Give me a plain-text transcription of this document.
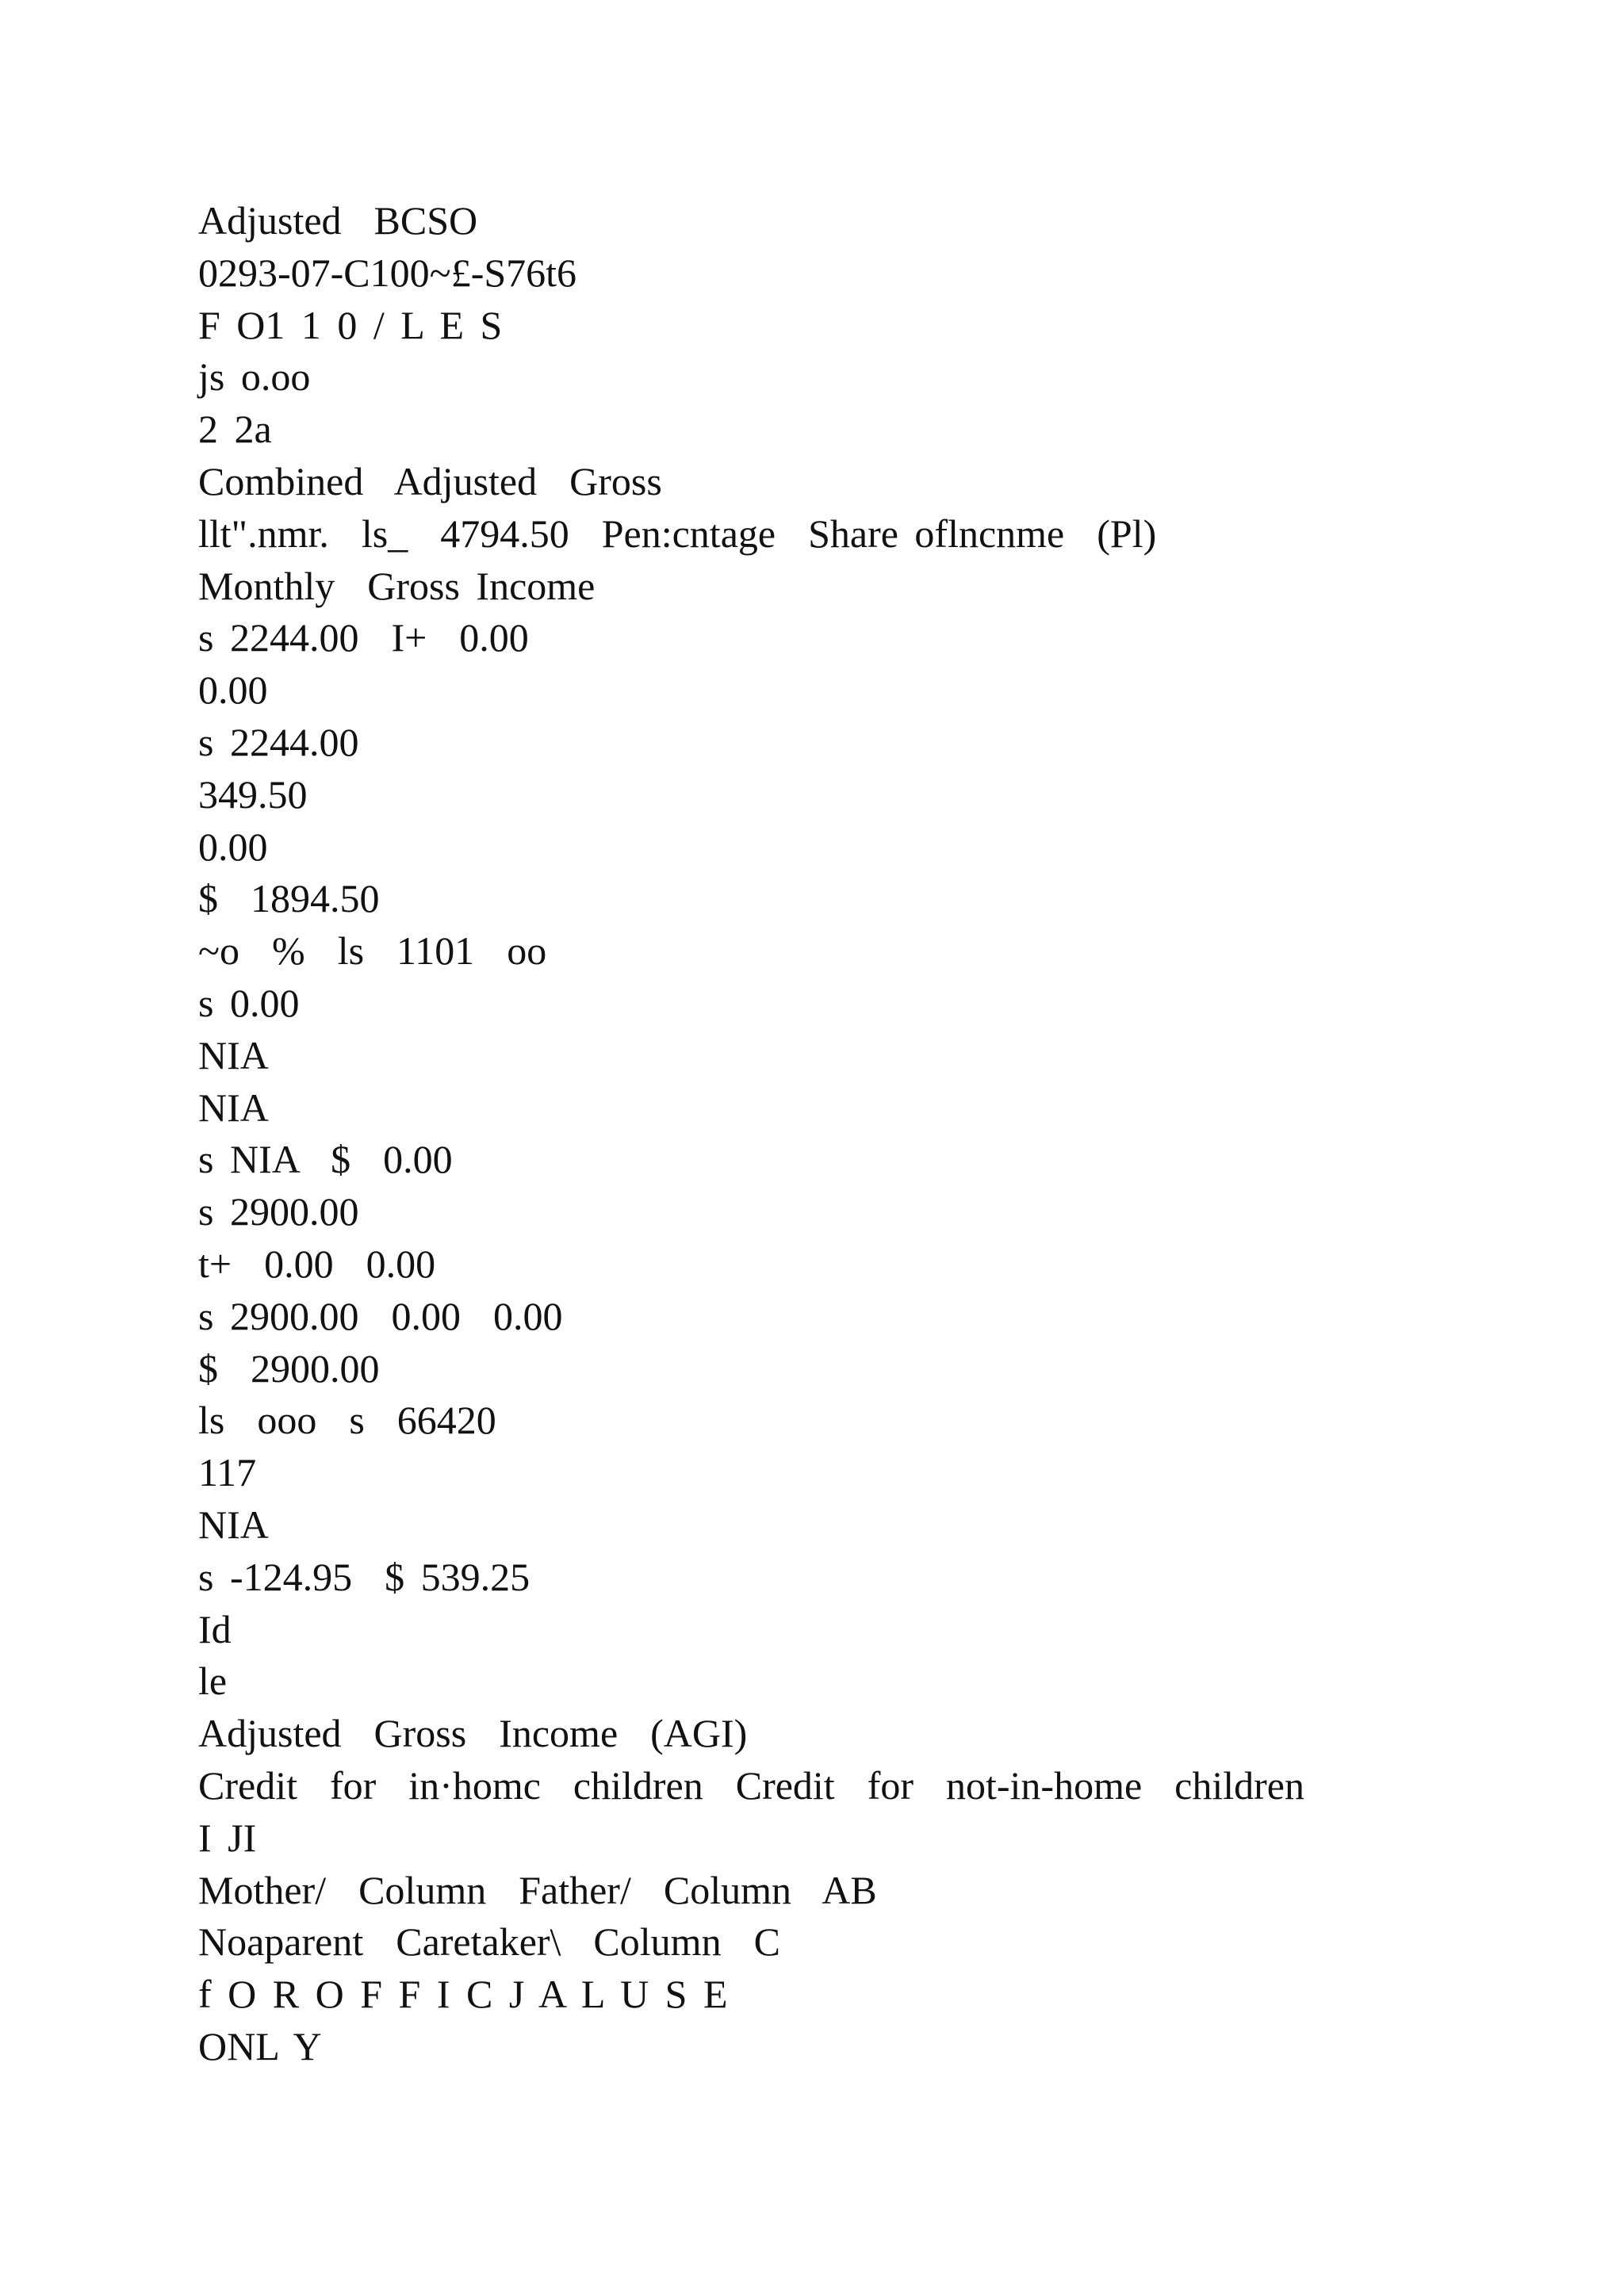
Adjusted  BCSO
0293-07-C100~£-S76t6
F O1 1 0 / L E S
js o.oo
2 2a
Combined  Adjusted  Gross
llt".nmr.  ls_  4794.50  Pen:cntage  Share oflncnme  (Pl)
Monthly  Gross Income
s 2244.00  I+  0.00
0.00
s 2244.00
349.50
0.00
$  1894.50
~o  %  ls  1101  oo
s 0.00
NIA
NIA
s NIA  $  0.00
s 2900.00
t+  0.00  0.00
s 2900.00  0.00  0.00
$  2900.00
ls  ooo  s  66420
117
NIA
s -124.95  $ 539.25
Id
le
Adjusted  Gross  Income  (AGI)
Credit  for  in·homc  children  Credit  for  not-in-home  children
I JI
Mother/  Column  Father/  Column  AB
Noaparent  Caretaker\  Column  C
f O R O F F I C J A L U S E
ONL Y
